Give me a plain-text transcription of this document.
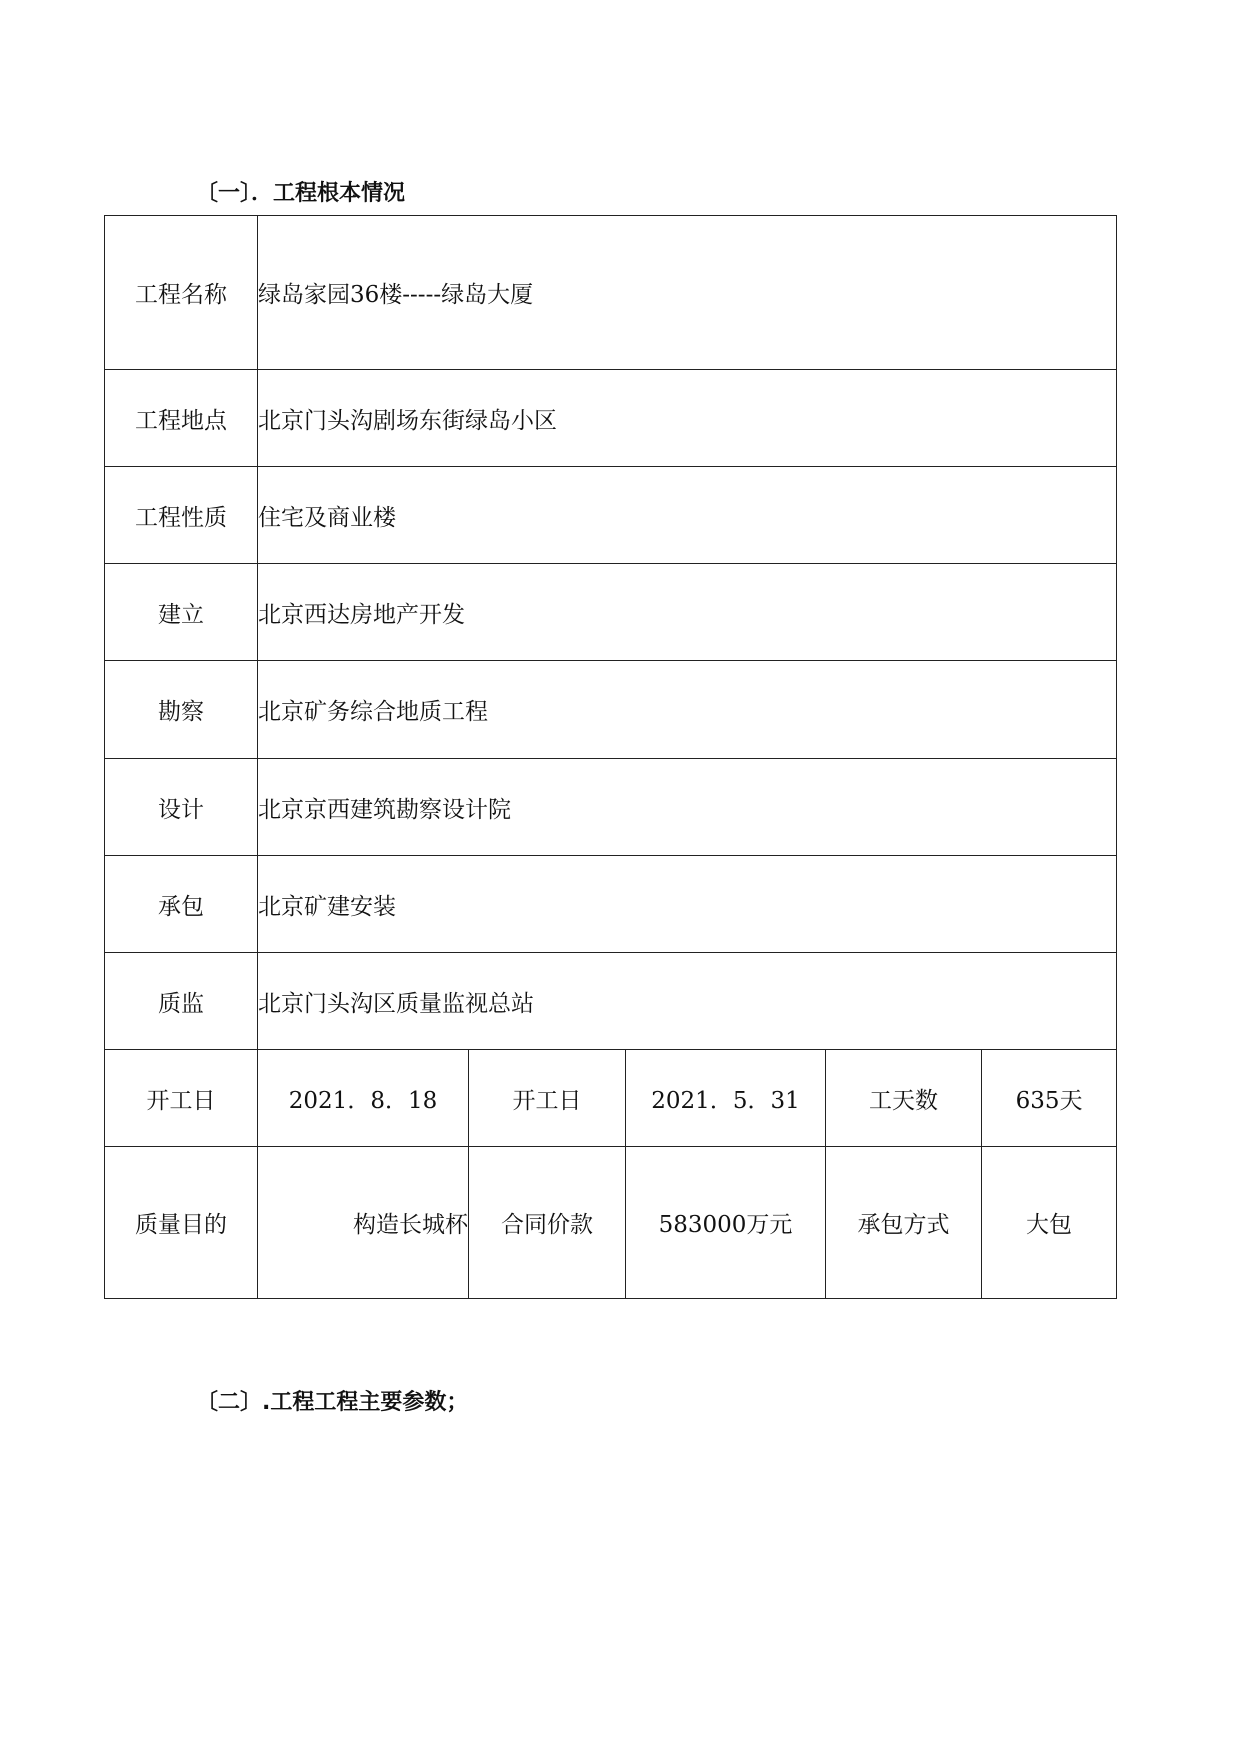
〔一〕．工程根本情况
工程名称	绿岛家园36楼-----绿岛大厦				
工程地点	北京门头沟剧场东街绿岛小区				
工程性质	住宅及商业楼				
建立	北京西达房地产开发				
勘察	北京矿务综合地质工程				
设计	北京京西建筑勘察设计院				
承包	北京矿建安装				
质监	北京门头沟区质量监视总站				
开工日	2021．8．18	开工日	2021．5．31	工天数	635天
质量目的	构造长城杯	合同价款	583000万元	承包方式	大包
〔二〕.工程工程主要参数；
